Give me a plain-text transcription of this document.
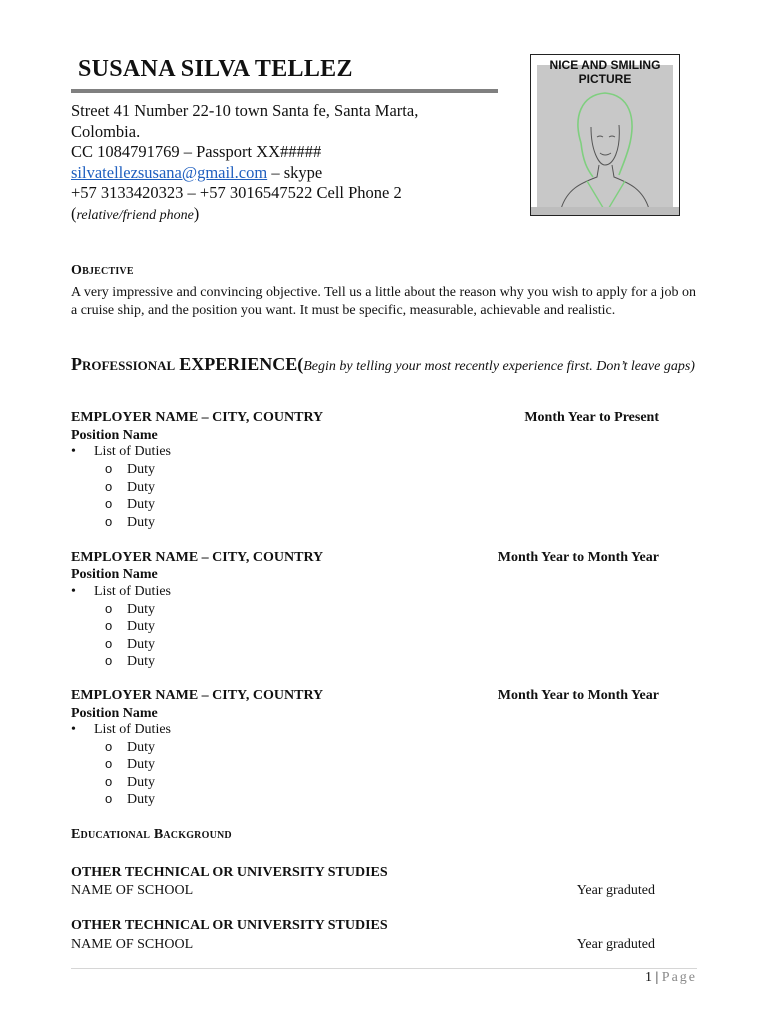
SUSANA SILVA TELLEZ
Street 41 Number 22-10 town Santa fe, Santa Marta,
Colombia.
CC 1084791769 – Passport XX#####
silvatellezsusana@gmail.com – skype
+57 3133420323 – +57 3016547522 Cell Phone 2
(relative/friend phone)
NICE AND SMILING
PICTURE
Objective
A very impressive and convincing objective. Tell us a little about the reason why you wish to apply for a job on a cruise ship, and the position you want. It must be specific, measurable, achievable and realistic.
Professional EXPERIENCE(Begin by telling your most recently experience first. Don’t leave gaps)
EMPLOYER NAME – CITY, COUNTRY	Month Year to Present
Position Name
• List of Duties
o Duty
o Duty
o Duty
o Duty
EMPLOYER NAME – CITY, COUNTRY	Month Year to Month Year
Position Name
• List of Duties
o Duty
o Duty
o Duty
o Duty
EMPLOYER NAME – CITY, COUNTRY	Month Year to Month Year
Position Name
• List of Duties
o Duty
o Duty
o Duty
o Duty
Educational Background
OTHER TECHNICAL OR UNIVERSITY STUDIES
NAME OF SCHOOL	Year graduted
OTHER TECHNICAL OR UNIVERSITY STUDIES
NAME OF SCHOOL	Year graduted
1 | Page
